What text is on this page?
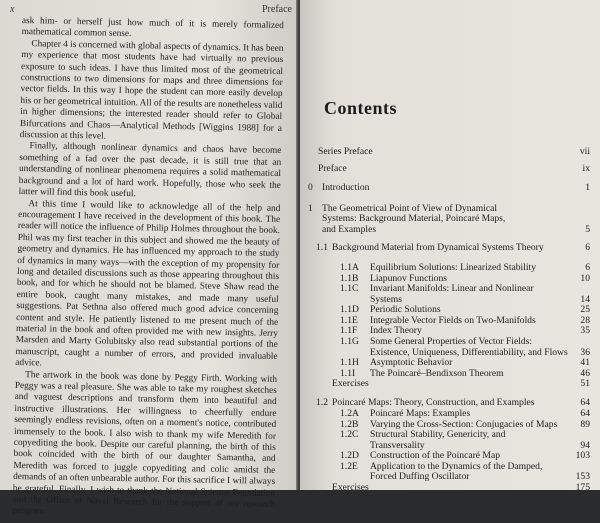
x	Preface

ask him- or herself just how much of it is merely formalized mathematical common sense.

Chapter 4 is concerned with global aspects of dynamics. It has been my experience that most students have had virtually no previous exposure to such ideas. I have thus limited most of the geometrical constructions to two dimensions for maps and three dimensions for vector fields. In this way I hope the student can more easily develop his or her geometrical intuition. All of the results are nonetheless valid in higher dimensions; the interested reader should refer to Global Bifurcations and Chaos—Analytical Methods [Wiggins 1988] for a discussion at this level.

Finally, although nonlinear dynamics and chaos have become something of a fad over the past decade, it is still true that an understanding of nonlinear phenomena requires a solid mathematical background and a lot of hard work. Hopefully, those who seek the latter will find this book useful.

At this time I would like to acknowledge all of the help and encouragement I have received in the development of this book. The reader will notice the influence of Philip Holmes throughout the book. Phil was my first teacher in this subject and showed me the beauty of geometry and dynamics. He has influenced my approach to the study of dynamics in many ways—with the exception of my propensity for long and detailed discussions such as those appearing throughout this book, and for which he should not be blamed. Steve Shaw read the entire book, caught many mistakes, and made many useful suggestions. Pat Sethna also offered much good advice concerning content and style. He patiently listened to me present much of the material in the book and often provided me with new insights. Jerry Marsden and Marty Golubitsky also read substantial portions of the manuscript, caught a number of errors, and provided invaluable advice.

The artwork in the book was done by Peggy Firth. Working with Peggy was a real pleasure. She was able to take my roughest sketches and vaguest descriptions and transform them into beautiful and instructive illustrations. Her willingness to cheerfully endure seemingly endless revisions, often on a moment's notice, contributed immensely to the book. I also wish to thank my wife Meredith for copyediting the book. Despite our careful planning, the birth of this book coincided with the birth of our daughter Samantha, and Meredith was forced to juggle copyediting and colic amidst the demands of an often unbearable author. For this sacrifice I will always be grateful. Finally, I wish to thank the National Science Foundation and the Office of Naval Research for the support of my research program.

Contents
Series Preface	vii
Preface	ix
0 Introduction	1
1 The Geometrical Point of View of Dynamical
Systems: Background Material, Poincaré Maps,
and Examples	5
1.1 Background Material from Dynamical Systems Theory	6
1.1A Equilibrium Solutions: Linearized Stability	6
1.1B Liapunov Functions	10
1.1C Invariant Manifolds: Linear and Nonlinear
Systems	14
1.1D Periodic Solutions	25
1.1E Integrable Vector Fields on Two-Manifolds	28
1.1F Index Theory	35
1.1G Some General Properties of Vector Fields:
Existence, Uniqueness, Differentiability, and Flows 36
1.1H Asymptotic Behavior	41
1.1I The Poincaré–Bendixson Theorem	46
Exercises	51
1.2 Poincaré Maps: Theory, Construction, and Examples	64
1.2A Poincaré Maps: Examples	64
1.2B Varying the Cross-Section: Conjugacies of Maps 89
1.2C Structural Stability, Genericity, and
Transversality	94
1.2D Construction of the Poincaré Map	103
1.2E Application to the Dynamics of the Damped,
Forced Duffing Oscillator	153
Exercises	175
